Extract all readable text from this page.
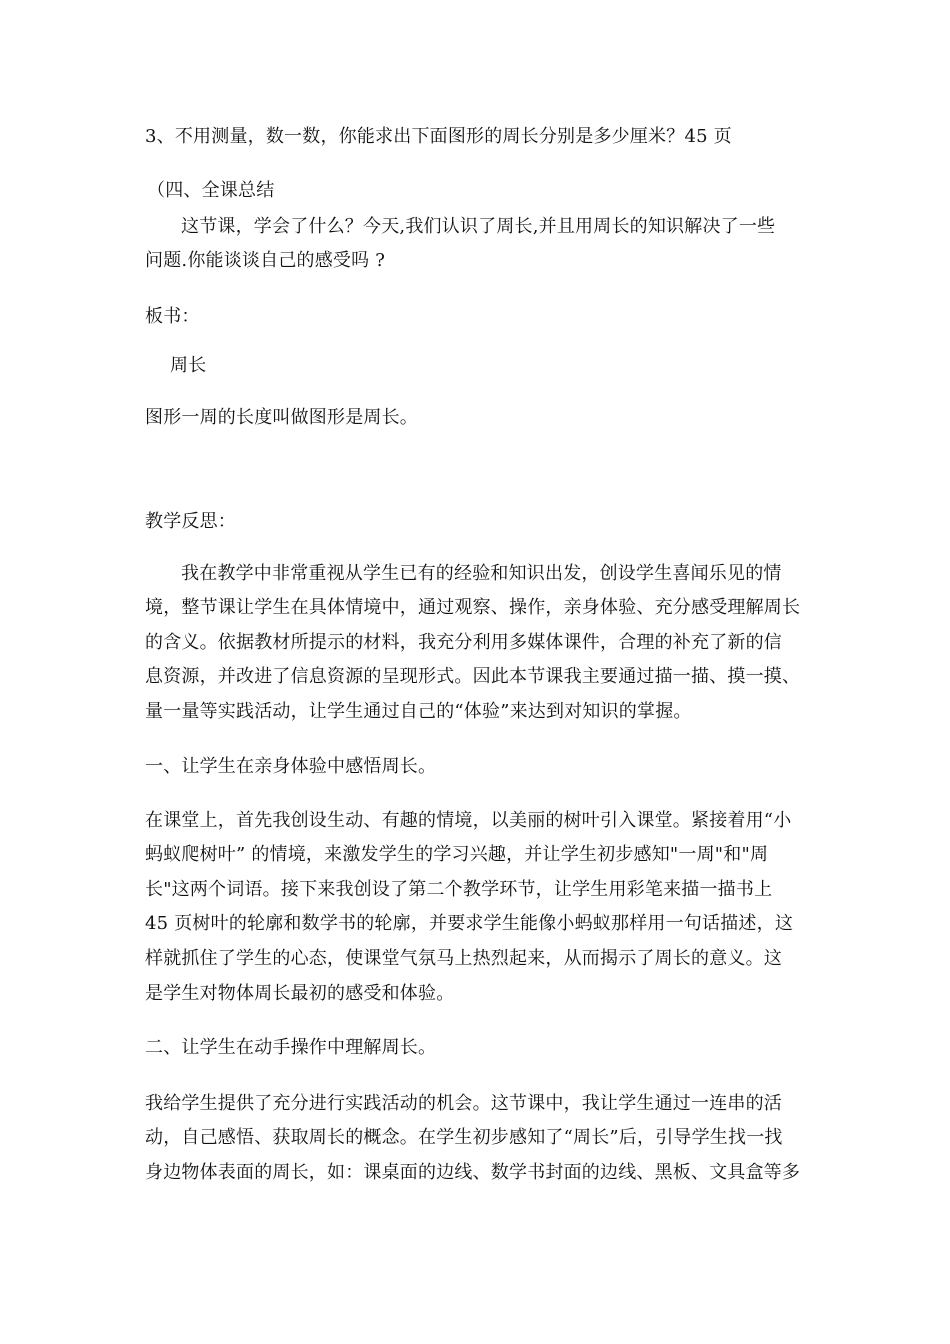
3、不用测量，数一数，你能求出下面图形的周长分别是多少厘米？45 页
（四、全课总结
这节课，学会了什么？今天,我们认识了周长,并且用周长的知识解决了一些
问题.你能谈谈自己的感受吗 ?
板书：
周长
图形一周的长度叫做图形是周长。
教学反思：
我在教学中非常重视从学生已有的经验和知识出发，创设学生喜闻乐见的情
境，整节课让学生在具体情境中，通过观察、操作，亲身体验、充分感受理解周长
的含义。依据教材所提示的材料，我充分利用多媒体课件，合理的补充了新的信
息资源，并改进了信息资源的呈现形式。因此本节课我主要通过描一描、摸一摸、
量一量等实践活动，让学生通过自己的“体验”来达到对知识的掌握。
一、让学生在亲身体验中感悟周长。
在课堂上，首先我创设生动、有趣的情境，以美丽的树叶引入课堂。紧接着用“小
蚂蚁爬树叶” 的情境，来激发学生的学习兴趣，并让学生初步感知"一周"和"周
长"这两个词语。接下来我创设了第二个教学环节，让学生用彩笔来描一描书上
45 页树叶的轮廓和数学书的轮廓，并要求学生能像小蚂蚁那样用一句话描述，这
样就抓住了学生的心态，使课堂气氛马上热烈起来，从而揭示了周长的意义。这
是学生对物体周长最初的感受和体验。
二、让学生在动手操作中理解周长。
我给学生提供了充分进行实践活动的机会。这节课中，我让学生通过一连串的活
动，自己感悟、获取周长的概念。在学生初步感知了“周长”后，引导学生找一找
身边物体表面的周长，如：课桌面的边线、数学书封面的边线、黑板、文具盒等多
